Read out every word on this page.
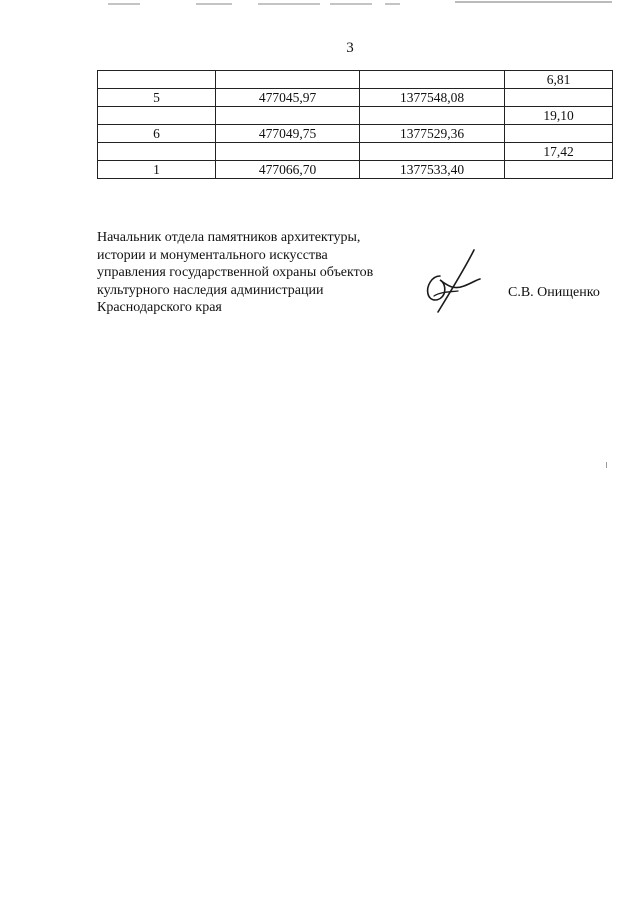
3
			6,81
5	477045,97	1377548,08	
			19,10
6	477049,75	1377529,36	
			17,42
1	477066,70	1377533,40	
Начальник отдела памятников архитектуры,
истории и монументального искусства
управления государственной охраны объектов
культурного наследия администрации
Краснодарского края
С.В. Онищенко
